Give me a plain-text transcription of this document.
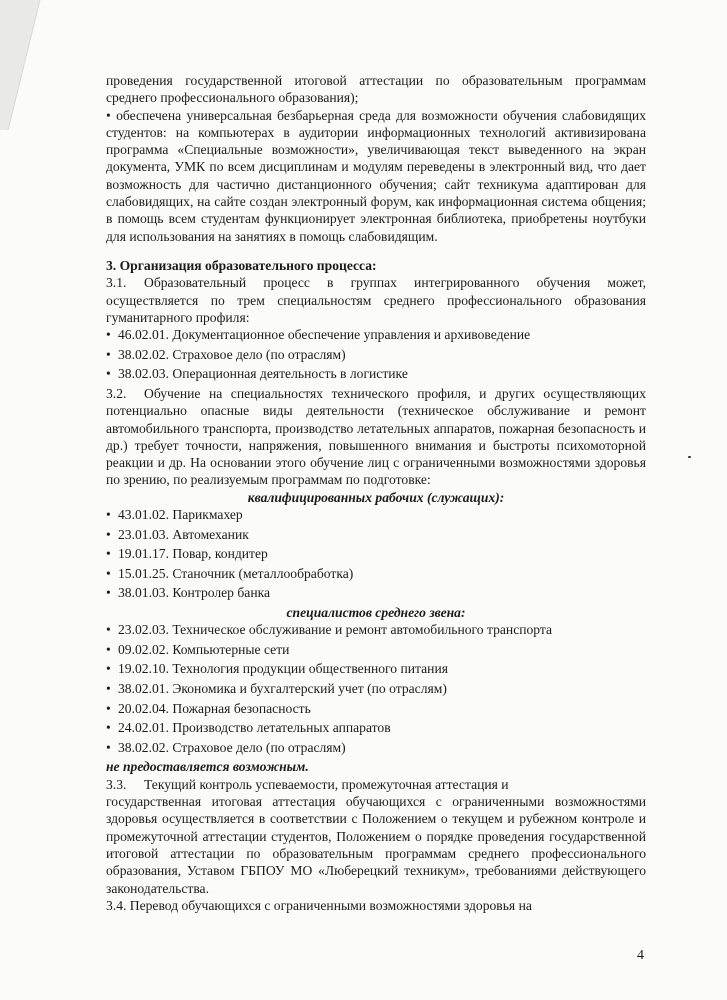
проведения государственной итоговой аттестации по образовательным программам среднего профессионального образования);

• обеспечена универсальная безбарьерная среда для возможности обучения слабовидящих студентов: на компьютерах в аудитории информационных технологий активизирована программа «Специальные возможности», увеличивающая текст выведенного на экран документа, УМК по всем дисциплинам и модулям переведены в электронный вид, что дает возможность для частично дистанционного обучения; сайт техникума адаптирован для слабовидящих, на сайте создан электронный форум, как информационная система общения; в помощь всем студентам функционирует электронная библиотека, приобретены ноутбуки для использования на занятиях в помощь слабовидящим.

3. Организация образовательного процесса:

3.1. Образовательный процесс в группах интегрированного обучения может, осуществляется по трем специальностям среднего профессионального образования гуманитарного профиля:

• 46.02.01. Документационное обеспечение управления и архивоведение
• 38.02.02. Страховое дело (по отраслям)
• 38.02.03. Операционная деятельность в логистике

3.2. Обучение на специальностях технического профиля, и других осуществляющих потенциально опасные виды деятельности (техническое обслуживание и ремонт автомобильного транспорта, производство летательных аппаратов, пожарная безопасность и др.) требует точности, напряжения, повышенного внимания и быстроты психомоторной реакции и др. На основании этого обучение лиц с ограниченными возможностями здоровья по зрению, по реализуемым программам по подготовке:

квалифицированных рабочих (служащих):

• 43.01.02. Парикмахер
• 23.01.03. Автомеханик
• 19.01.17. Повар, кондитер
• 15.01.25. Станочник (металлообработка)
• 38.01.03. Контролер банка

специалистов среднего звена:

• 23.02.03. Техническое обслуживание и ремонт автомобильного транспорта
• 09.02.02. Компьютерные сети
• 19.02.10. Технология продукции общественного питания
• 38.02.01. Экономика и бухгалтерский учет (по отраслям)
• 20.02.04. Пожарная безопасность
• 24.02.01. Производство летательных аппаратов
• 38.02.02. Страховое дело (по отраслям)

не предоставляется возможным.

3.3. Текущий контроль успеваемости, промежуточная аттестация и

государственная итоговая аттестация обучающихся с ограниченными возможностями здоровья осуществляется в соответствии с Положением о текущем и рубежном контроле и промежуточной аттестации студентов, Положением о порядке проведения государственной итоговой аттестации по образовательным программам среднего профессионального образования, Уставом ГБПОУ МО «Люберецкий техникум», требованиями действующего законодательства.

3.4. Перевод обучающихся с ограниченными возможностями здоровья на

4
